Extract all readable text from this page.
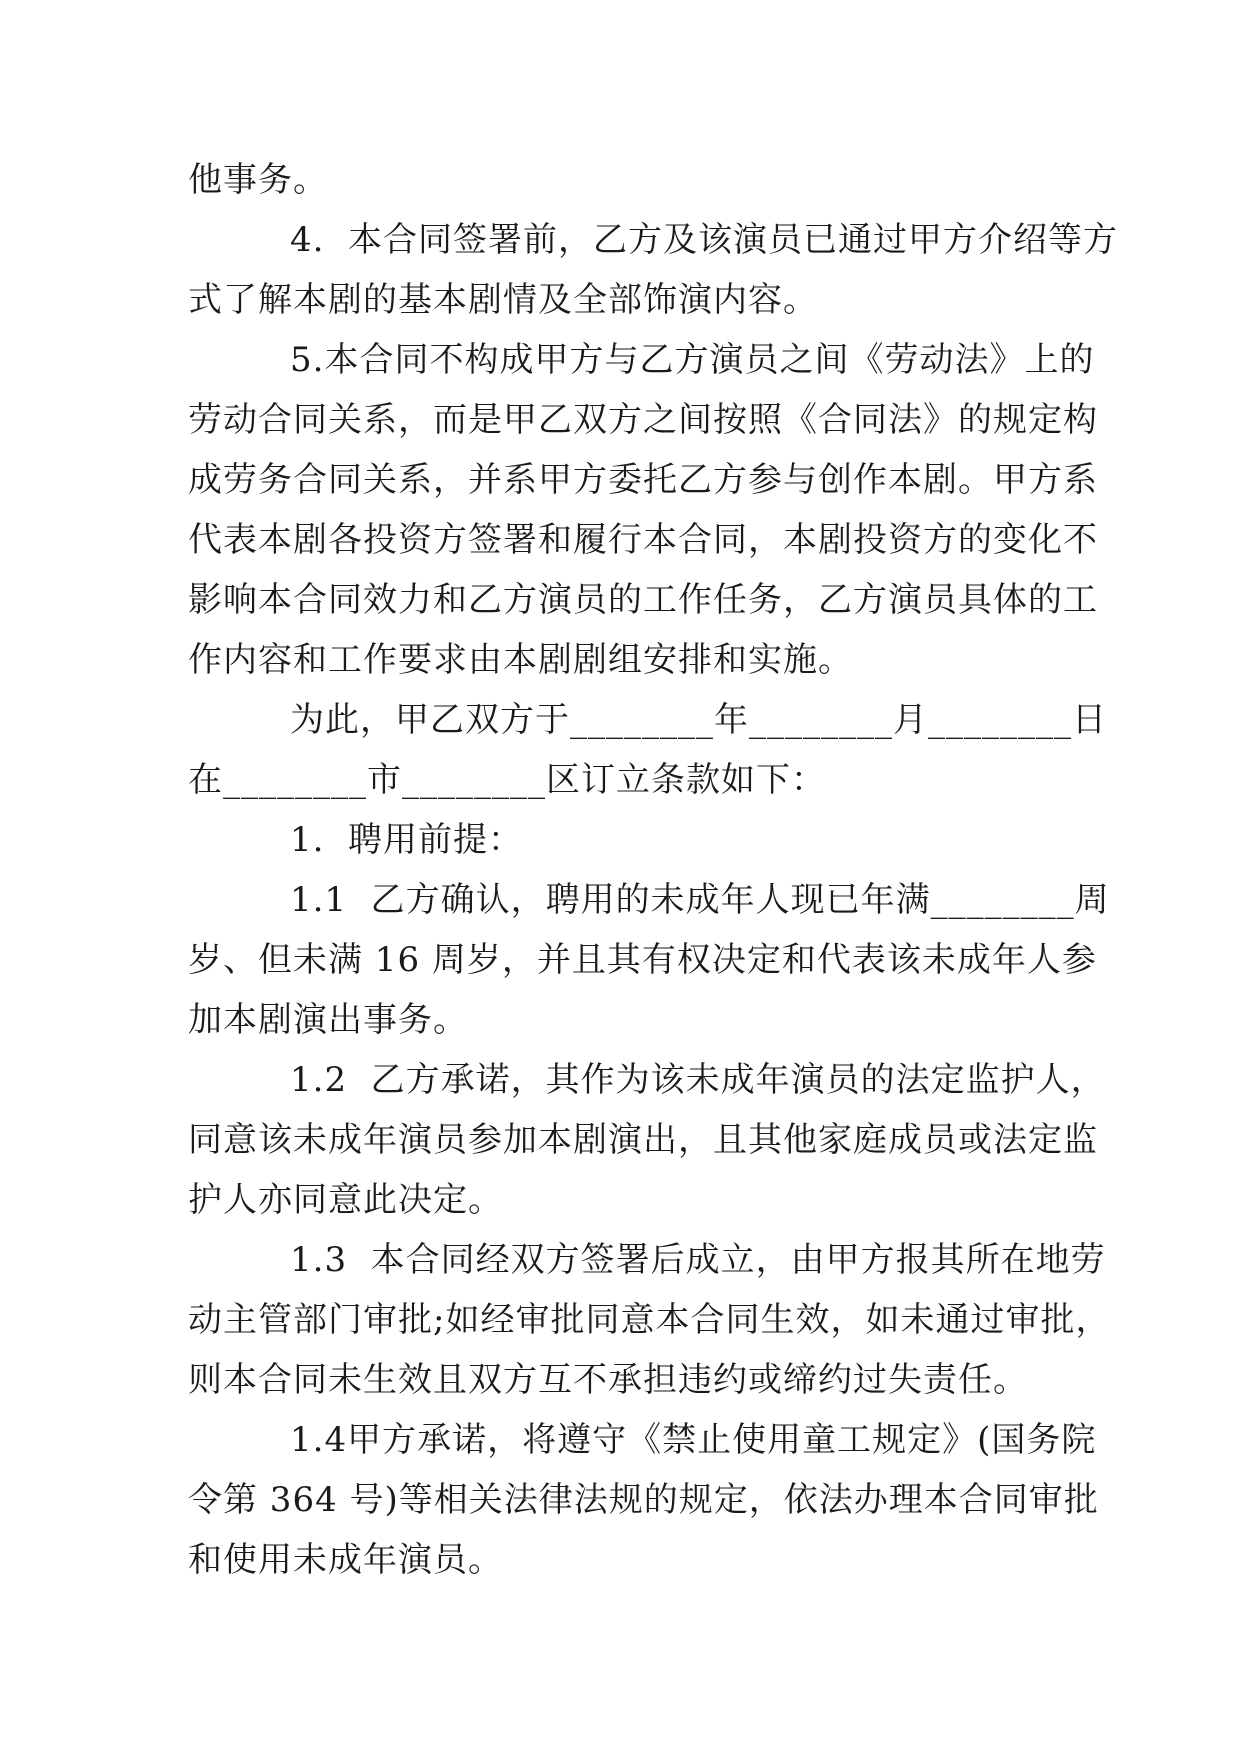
他事务。
4.  本合同签署前，乙方及该演员已通过甲方介绍等方
式了解本剧的基本剧情及全部饰演内容。
5.本合同不构成甲方与乙方演员之间《劳动法》上的
劳动合同关系，而是甲乙双方之间按照《合同法》的规定构
成劳务合同关系，并系甲方委托乙方参与创作本剧。甲方系
代表本剧各投资方签署和履行本合同，本剧投资方的变化不
影响本合同效力和乙方演员的工作任务，乙方演员具体的工
作内容和工作要求由本剧剧组安排和实施。
为此，甲乙双方于________年________月________日
在________市________区订立条款如下：
1.  聘用前提：
1.1  乙方确认，聘用的未成年人现已年满________周
岁、但未满 16 周岁，并且其有权决定和代表该未成年人参
加本剧演出事务。
1.2  乙方承诺，其作为该未成年演员的法定监护人，
同意该未成年演员参加本剧演出，且其他家庭成员或法定监
护人亦同意此决定。
1.3  本合同经双方签署后成立，由甲方报其所在地劳
动主管部门审批;如经审批同意本合同生效，如未通过审批，
则本合同未生效且双方互不承担违约或缔约过失责任。
1.4甲方承诺，将遵守《禁止使用童工规定》(国务院
令第 364 号)等相关法律法规的规定，依法办理本合同审批
和使用未成年演员。
